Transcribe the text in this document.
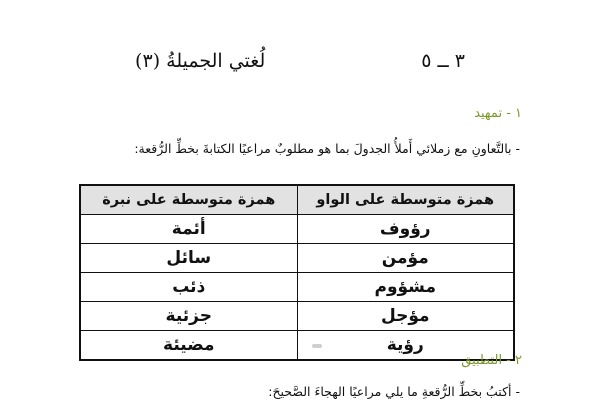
٣ ــ ٥ لُغتي الجميلةُ (٣)
١ - تمهيد
- بالتَّعاونِ مع زملائي أَملأُ الجدولَ بما هو مطلوبٌ مراعيًا الكتابةَ بخطِّ الرُّقعة:
همزة متوسطة على الواو	همزة متوسطة على نبرة
رؤوف	أئمة
مؤمن	سائل
مشؤوم	ذئب
مؤجل	جزئية
رؤية	مضيئة
٢ - التطبيق
- أكتبُ بخطِّ الرُّقعةِ ما يلي مراعيًا الهجاءَ الصَّحيحَ:
